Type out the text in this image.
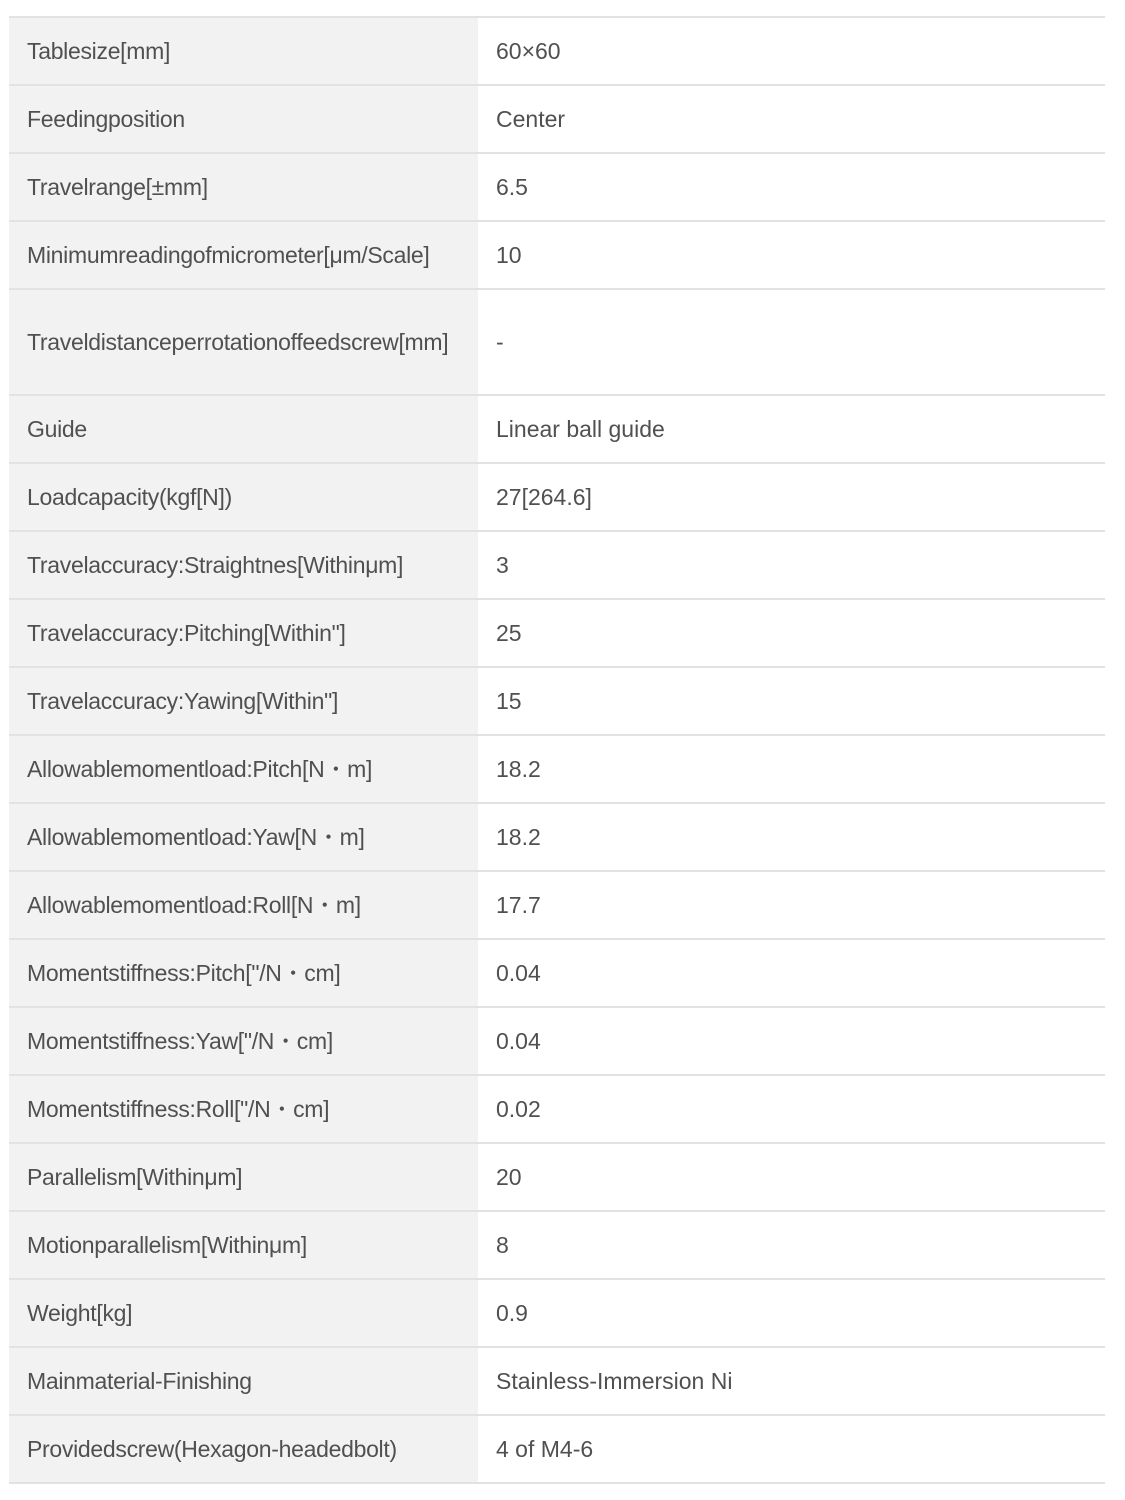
Tablesize[mm]	60×60
Feedingposition	Center
Travelrange[±mm]	6.5
Minimumreadingofmicrometer[μm/Scale]	10
Traveldistanceperrotationoffeedscrew[mm]	-
Guide	Linear ball guide
Loadcapacity(kgf[N])	27[264.6]
Travelaccuracy:Straightnes[Withinμm]	3
Travelaccuracy:Pitching[Within"]	25
Travelaccuracy:Yawing[Within"]	15
Allowablemomentload:Pitch[N・m]	18.2
Allowablemomentload:Yaw[N・m]	18.2
Allowablemomentload:Roll[N・m]	17.7
Momentstiffness:Pitch["/N・cm]	0.04
Momentstiffness:Yaw["/N・cm]	0.04
Momentstiffness:Roll["/N・cm]	0.02
Parallelism[Withinμm]	20
Motionparallelism[Withinμm]	8
Weight[kg]	0.9
Mainmaterial-Finishing	Stainless-Immersion Ni
Providedscrew(Hexagon-headedbolt)	4 of M4-6
